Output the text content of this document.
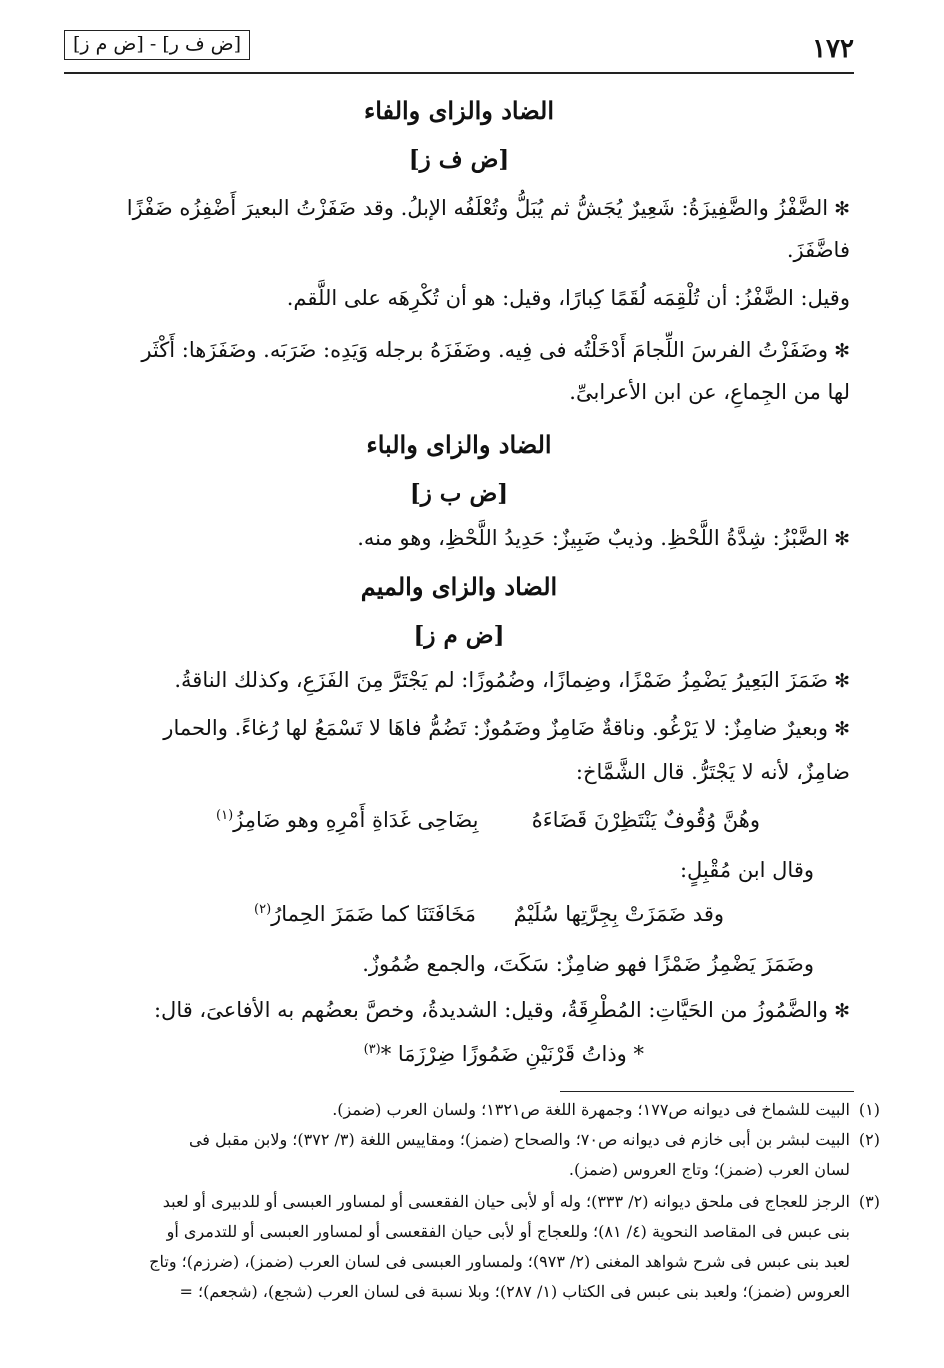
١٧٢
[ض ف ر] - [ض م ز]
الضاد والزاى والفاء
[ض ف ز]
✻الضَّفْزُ والضَّفِيزَةُ: شَعِيرٌ يُجَشُّ ثم يُبَلُّ وتُعْلَفُه الإبلُ. وقد ضَفَزْتُ البعيرَ أَضْفِزُه ضَفْزًا
فاضَّفَزَ.
وقيل: الضَّفْزُ: أن تُلْقِمَه لُقَمًا كِبارًا، وقيل: هو أن تُكْرِهَه على اللَّقم.
✻وضَفَزْتُ الفرسَ اللِّجامَ أَدْخَلْتُه فى فِيه. وضَفَزَهُ برجله وَيَدِه: ضَرَبَه. وضَفَزَها: أَكْثَر
لها من الجِماعِ، عن ابن الأعرابىِّ.
الضاد والزاى والباء
[ض ب ز]
✻الضَّبْزُ: شِدَّةُ اللَّحْظِ. وذيبٌ ضَبِيزٌ: حَدِيدُ اللَّحْظِ، وهو منه.
الضاد والزاى والميم
[ض م ز]
✻ضَمَزَ البَعِيرُ يَضْمِزُ ضَمْزًا، وضِمازًا، وضُمُوزًا: لم يَجْتَرَّ مِنَ الفَزَعِ، وكذلك الناقةُ.
✻وبعيرٌ ضامِزٌ: لا يَرْغُو. وناقةٌ ضَامِزٌ وضَمُوزٌ: تَضُمُّ فاهَا لا تَسْمَعُ لها رُغاءً. والحمار
ضامِزٌ، لأنه لا يَجْتَرُّ. قال الشَّمَّاخ:
وهُنَّ وُقُوفٌ يَنْتَظِرْنَ قَضَاءَهُ
بِضَاحِى غَدَاةِ أَمْرِهِ وهو ضَامِزُ$^{(١)}$
وقال ابن مُقْبِلٍ:
وقد ضَمَزَتْ بِجِرَّتِها سُلَيْمٌ
مَخَافَتَنَا كما ضَمَزَ الحِمارُ$^{(٢)}$
وضَمَزَ يَضْمِزُ ضَمْزًا فهو ضامِزٌ: سَكَتَ، والجمع ضُمُوزٌ.
✻والضَّمُوزُ من الحَيَّاتِ: المُطْرِقَةُ، وقيل: الشديدةُ، وخصَّ بعضُهم به الأفاعىَ، قال:
* وذاتُ قَرْنَيْنِ ضَمُوزًا ضِرْزَمَا *$^{(٣)}$
(١)
البيت للشماخ فى ديوانه ص١٧٧؛ وجمهرة اللغة ص١٣٢١؛ ولسان العرب (ضمز).
(٢)
البيت لبشر بن أبى خازم فى ديوانه ص٧٠؛ والصحاح (ضمز)؛ ومقاييس اللغة (٣/ ٣٧٢)؛ ولابن مقبل فى
لسان العرب (ضمز)؛ وتاج العروس (ضمز).
(٣)
الرجز للعجاج فى ملحق ديوانه (٢/ ٣٣٣)؛ وله أو لأبى حيان الفقعسى أو لمساور العبسى أو للدبيرى أو لعبد
بنى عبس فى المقاصد النحوية (٤/ ٨١)؛ وللعجاج أو لأبى حيان الفقعسى أو لمساور العبسى أو للتدمرى أو
لعبد بنى عبس فى شرح شواهد المغنى (٢/ ٩٧٣)؛ ولمساور العبسى فى لسان العرب (ضمز)، (ضرزم)؛ وتاج
العروس (ضمز)؛ ولعبد بنى عبس فى الكتاب (١/ ٢٨٧)؛ وبلا نسبة فى لسان العرب (شجع)، (شجعم)؛ =
